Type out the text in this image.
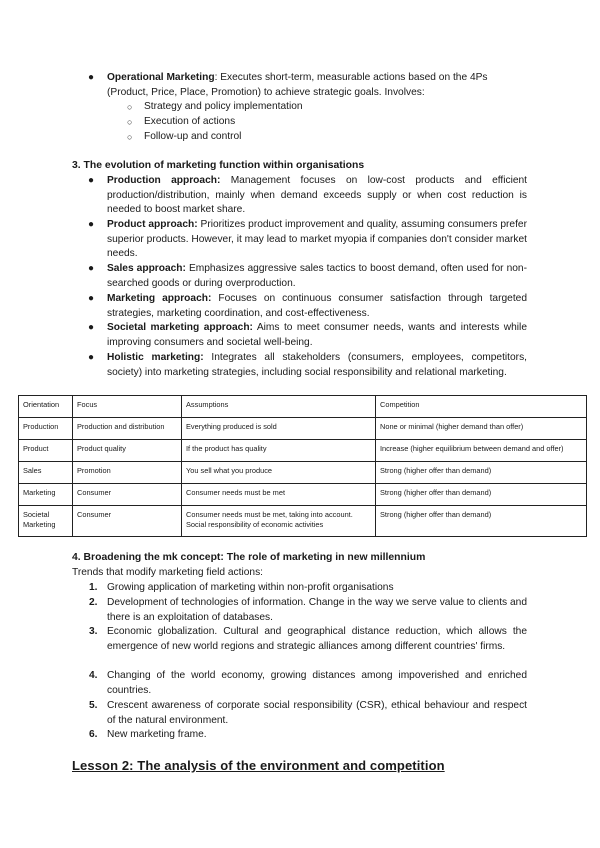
● Operational Marketing: Executes short-term, measurable actions based on the 4Ps (Product, Price, Place, Promotion) to achieve strategic goals. Involves:
○ Strategy and policy implementation
○ Execution of actions
○ Follow-up and control
3. The evolution of marketing function within organisations
● Production approach: Management focuses on low-cost products and efficient production/distribution, mainly when demand exceeds supply or when cost reduction is needed to boost market share.
● Product approach: Prioritizes product improvement and quality, assuming consumers prefer superior products. However, it may lead to market myopia if companies don't consider market needs.
● Sales approach: Emphasizes aggressive sales tactics to boost demand, often used for non-searched goods or during overproduction.
● Marketing approach: Focuses on continuous consumer satisfaction through targeted strategies, marketing coordination, and cost-effectiveness.
● Societal marketing approach: Aims to meet consumer needs, wants and interests while improving consumers and societal well-being.
● Holistic marketing: Integrates all stakeholders (consumers, employees, competitors, society) into marketing strategies, including social responsibility and relational marketing.
Orientation	Focus	Assumptions	Competition
Production	Production and distribution	Everything produced is sold	None or minimal (higher demand than offer)
Product	Product quality	If the product has quality	Increase (higher equilibrium between demand and offer)
Sales	Promotion	You sell what you produce	Strong (higher offer than demand)
Marketing	Consumer	Consumer needs must be met	Strong (higher offer than demand)
Societal Marketing	Consumer	Consumer needs must be met, taking into account. Social responsibility of economic activities	Strong (higher offer than demand)
4. Broadening the mk concept: The role of marketing in new millennium
Trends that modify marketing field actions:
1. Growing application of marketing within non-profit organisations
2. Development of technologies of information. Change in the way we serve value to clients and there is an exploitation of databases.
3. Economic globalization. Cultural and geographical distance reduction, which allows the emergence of new world regions and strategic alliances among different countries' firms.
4. Changing of the world economy, growing distances among impoverished and enriched countries.
5. Crescent awareness of corporate social responsibility (CSR), ethical behaviour and respect of the natural environment.
6. New marketing frame.
Lesson 2: The analysis of the environment and competition
